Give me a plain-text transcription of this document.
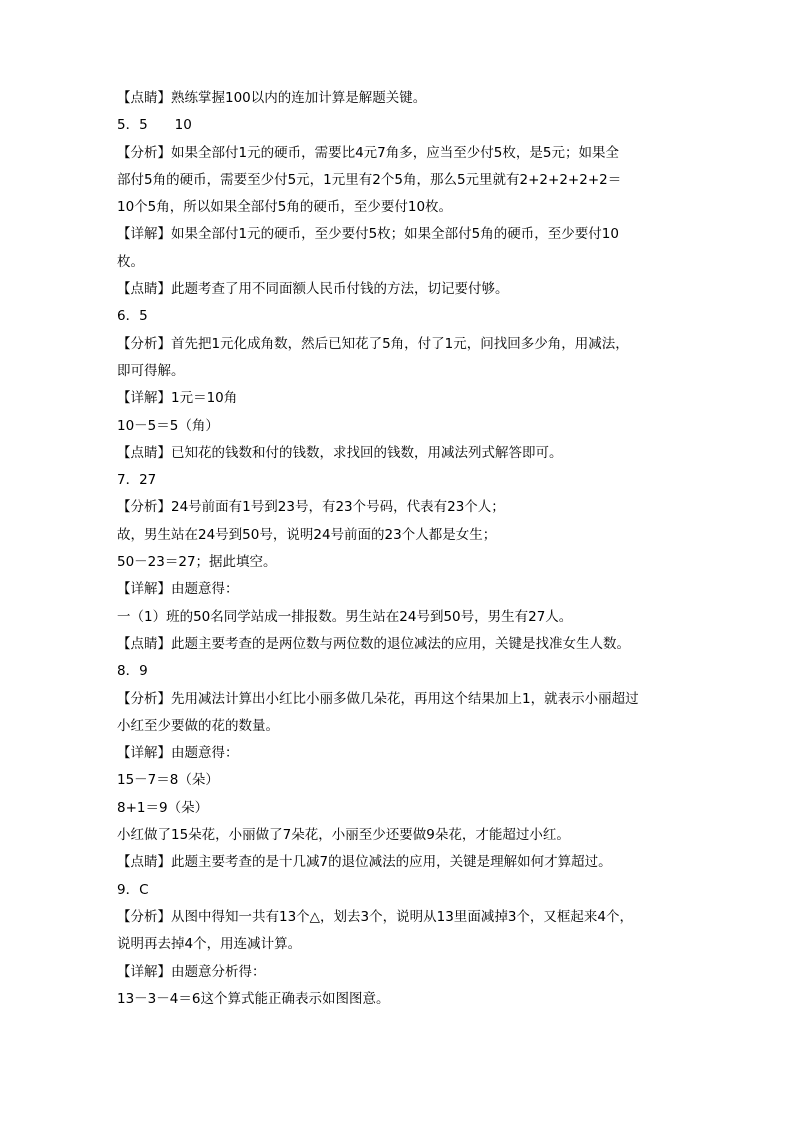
【点睛】熟练掌握100以内的连加计算是解题关键。
5．5　　10
【分析】如果全部付1元的硬币，需要比4元7角多，应当至少付5枚，是5元；如果全
部付5角的硬币，需要至少付5元，1元里有2个5角，那么5元里就有2+2+2+2+2＝
10个5角，所以如果全部付5角的硬币，至少要付10枚。
【详解】如果全部付1元的硬币，至少要付5枚；如果全部付5角的硬币，至少要付10
枚。
【点睛】此题考查了用不同面额人民币付钱的方法，切记要付够。
6．5
【分析】首先把1元化成角数，然后已知花了5角，付了1元，问找回多少角，用减法，
即可得解。
【详解】1元＝10角
10－5＝5（角）
【点睛】已知花的钱数和付的钱数，求找回的钱数，用减法列式解答即可。
7．27
【分析】24号前面有1号到23号，有23个号码，代表有23个人；
故，男生站在24号到50号，说明24号前面的23个人都是女生；
50－23＝27；据此填空。
【详解】由题意得：
一（1）班的50名同学站成一排报数。男生站在24号到50号，男生有27人。
【点睛】此题主要考查的是两位数与两位数的退位减法的应用，关键是找准女生人数。
8．9
【分析】先用减法计算出小红比小丽多做几朵花，再用这个结果加上1，就表示小丽超过
小红至少要做的花的数量。
【详解】由题意得：
15－7＝8（朵）
8+1＝9（朵）
小红做了15朵花，小丽做了7朵花，小丽至少还要做9朵花，才能超过小红。
【点睛】此题主要考查的是十几减7的退位减法的应用，关键是理解如何才算超过。
9．C
【分析】从图中得知一共有13个△，划去3个，说明从13里面减掉3个，又框起来4个，
说明再去掉4个，用连减计算。
【详解】由题意分析得：
13－3－4＝6这个算式能正确表示如图图意。
